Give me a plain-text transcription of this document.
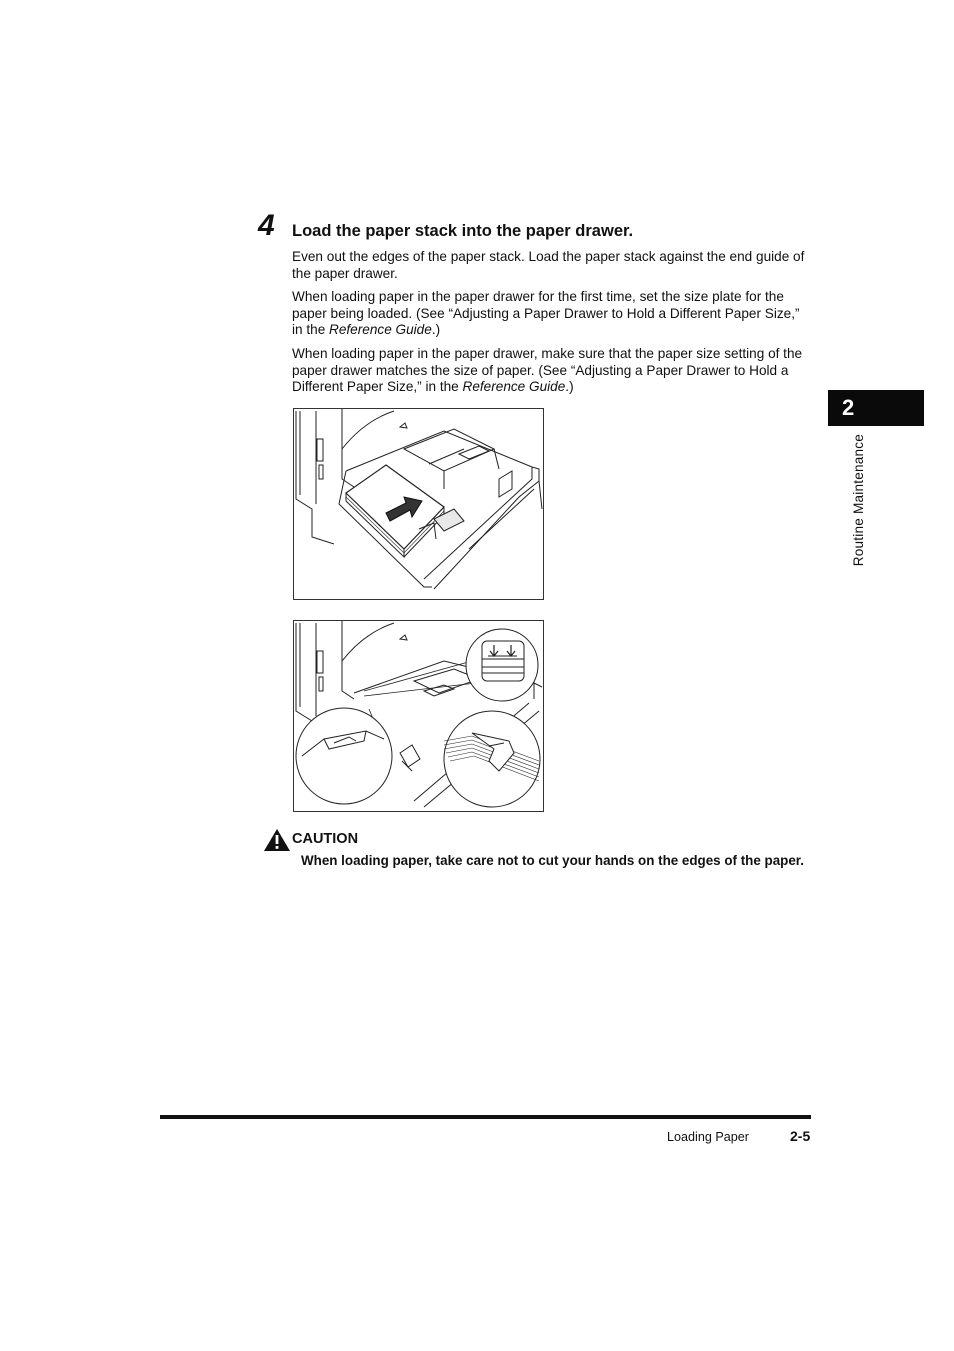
4 Load the paper stack into the paper drawer.

Even out the edges of the paper stack. Load the paper stack against the end guide of the paper drawer.

When loading paper in the paper drawer for the first time, set the size plate for the paper being loaded. (See “Adjusting a Paper Drawer to Hold a Different Paper Size,” in the Reference Guide.)

When loading paper in the paper drawer, make sure that the paper size setting of the paper drawer matches the size of paper. (See “Adjusting a Paper Drawer to Hold a Different Paper Size,” in the Reference Guide.)

CAUTION

When loading paper, take care not to cut your hands on the edges of the paper.

2
Routine Maintenance
Loading Paper	2-5
